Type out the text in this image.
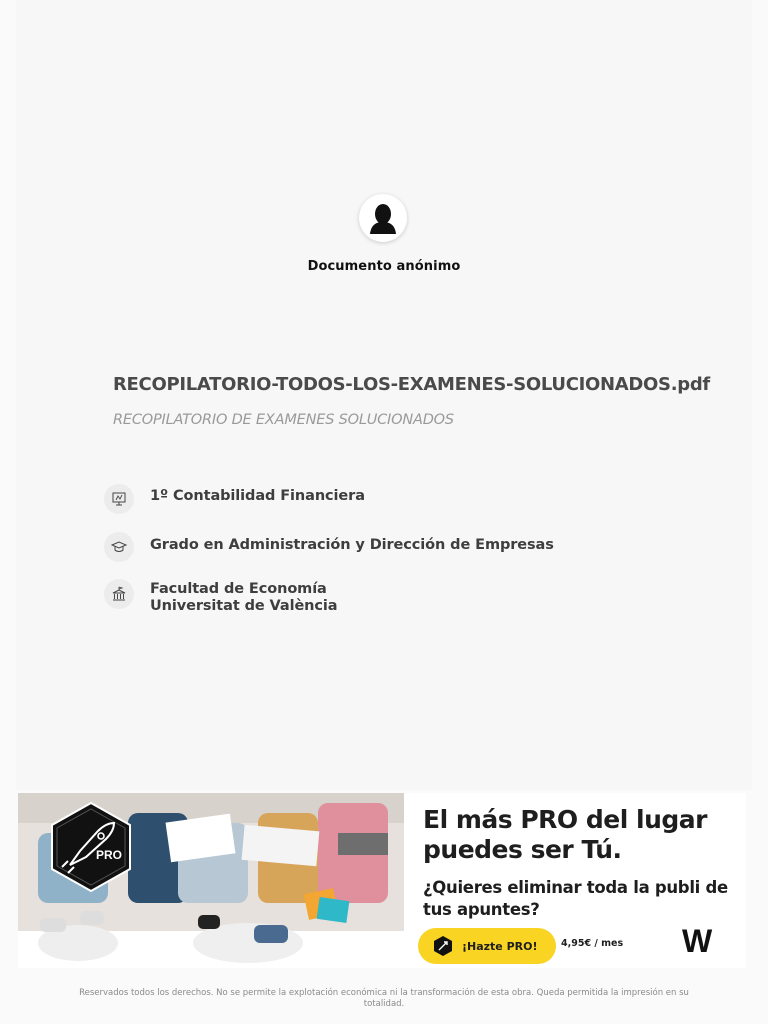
Documento anónimo
RECOPILATORIO-TODOS-LOS-EXAMENES-SOLUCIONADOS.pdf
RECOPILATORIO DE EXAMENES SOLUCIONADOS
1º Contabilidad Financiera
Grado en Administración y Dirección de Empresas
Facultad de Economía
Universitat de València
PRO
El más PRO del lugar puedes ser Tú.
¿Quieres eliminar toda la publi de tus apuntes?
¡Hazte PRO! 4,95€ / mes W
Reservados todos los derechos. No se permite la explotación económica ni la transformación de esta obra. Queda permitida la impresión en su totalidad.
